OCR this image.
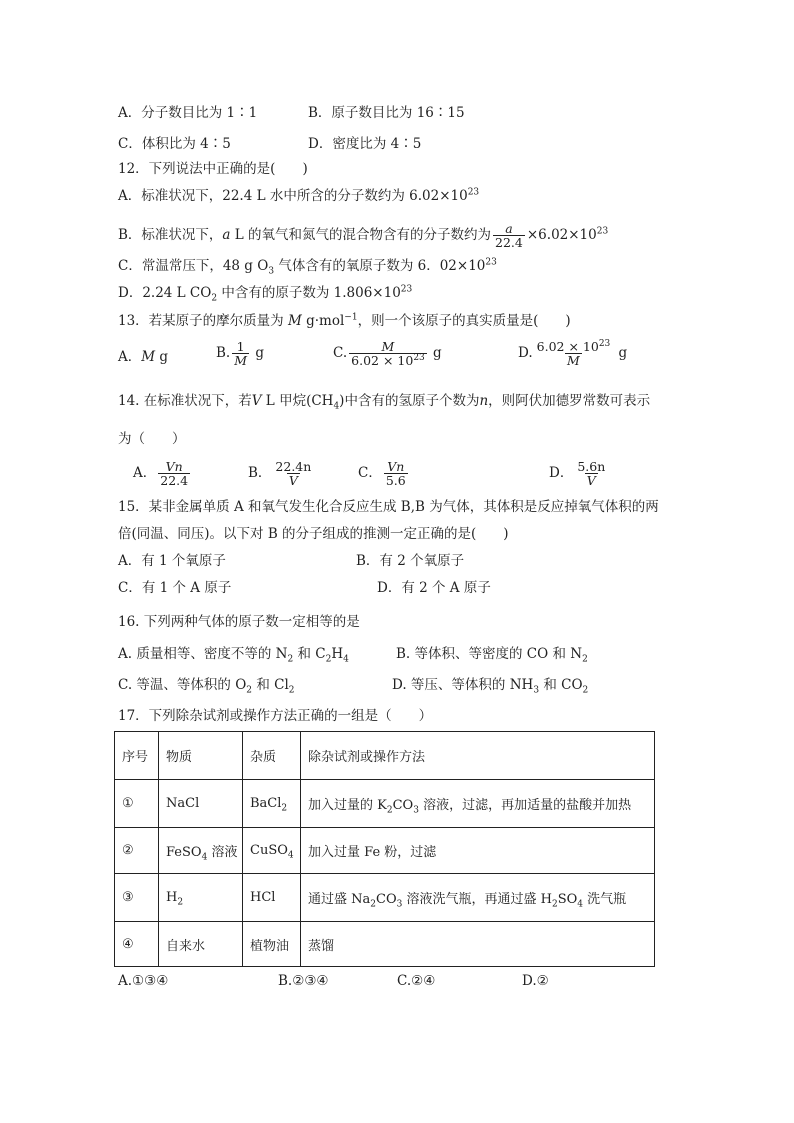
A．分子数目比为 1∶1	B．原子数目比为 16∶15
C．体积比为 4∶5	D．密度比为 4∶5
12．下列说法中正确的是(　　)
A．标准状况下，22.4 L 水中所含的分子数约为 $6.02\times 10^{23}$
B．标准状况下，a L 的氧气和氮气的混合物含有的分子数约为 $\frac{a}{22.4} \times 6.02\times 10^{23}$
C．常温常压下，48 g $O_3$ 气体含有的氧原子数为 6．$02\times 10^{23}$
D．2.24 L $CO_2$ 中含有的原子数为 $1.806\times 10^{23}$
13．若某原子的摩尔质量为 M g·mol$^{-1}$，则一个该原子的真实质量是(　　)
A．M g	B. $\frac{1}{M}$ g	C. $\frac{M}{6.02 \times 10^{23}}$ g	D. $\frac{6.02 \times 10^{23}}{M}$ g
14. 在标准状况下，若V L 甲烷$(CH_4)$中含有的氢原子个数为n，则阿伏加德罗常数可表示
为（　　）
A． $\frac{Vn}{22.4}$	B． $\frac{22.4n}{V}$	C． $\frac{Vn}{5.6}$	D． $\frac{5.6n}{V}$
15．某非金属单质 A 和氧气发生化合反应生成 B,B 为气体，其体积是反应掉氧气体积的两
倍(同温、同压)。以下对 B 的分子组成的推测一定正确的是(　　)
A．有 1 个氧原子	B．有 2 个氧原子
C．有 1 个 A 原子	D．有 2 个 A 原子
16. 下列两种气体的原子数一定相等的是
A. 质量相等、密度不等的 $N_2$ 和 $C_2H_4$	B. 等体积、等密度的 CO 和 $N_2$
C. 等温、等体积的 $O_2$ 和 $Cl_2$	D. 等压、等体积的 $NH_3$ 和 $CO_2$
17．下列除杂试剂或操作方法正确的一组是（　　）
序号	物质	杂质	除杂试剂或操作方法
①	NaCl	BaCl$_2$	加入过量的 $K_2CO_3$ 溶液，过滤，再加适量的盐酸并加热
②	FeSO$_4$ 溶液	CuSO$_4$	加入过量 Fe 粉，过滤
③	$H_2$	HCl	通过盛 $Na_2CO_3$ 溶液洗气瓶，再通过盛 $H_2SO_4$ 洗气瓶
④	自来水	植物油	蒸馏
A.①③④	B.②③④	C.②④	D.②
